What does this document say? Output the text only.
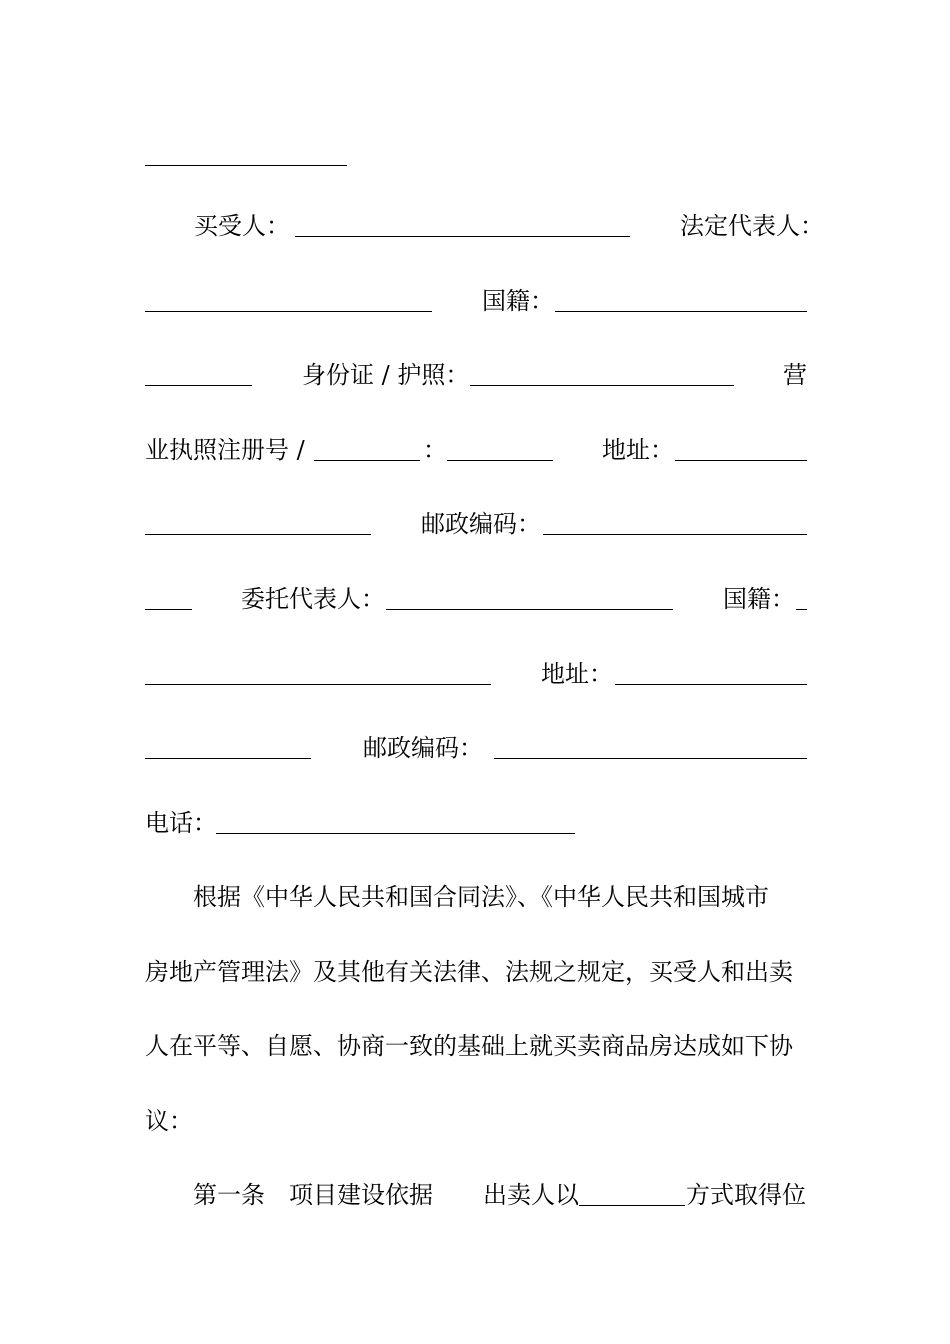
买受人：	法定代表人：
国籍：
身份证 / 护照：	营
业执照注册号 /	：	地址：
邮政编码：
委托代表人：	国籍：
地址：
邮政编码：
电话：
根据《中华人民共和国合同法》、《中华人民共和国城市
房地产管理法》及其他有关法律、法规之规定，买受人和出卖
人在平等、自愿、协商一致的基础上就买卖商品房达成如下协
议：
第一条　项目建设依据 出卖人以	方式取得位
